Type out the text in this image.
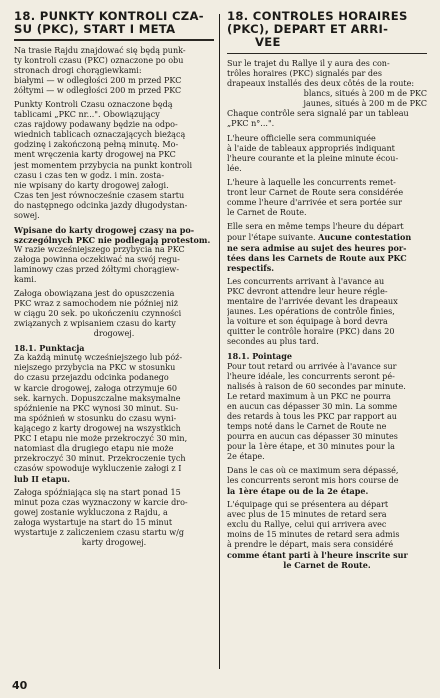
18. PUNKTY KONTROLI CZA-
SU (PKC), START I META

Na trasie Rajdu znajdować się będą punk-
ty kontroli czasu (PKC) oznaczone po obu
stronach drogi chorągiewkami:
białymi — w odległości 200 m przed PKC
żółtymi — w odległości 200 m przed PKC

Punkty Kontroli Czasu oznaczone będą
tablicami „PKC nr...". Obowiązujący
czas rajdowy podawany będzie na odpo-
wiednich tablicach oznaczających bieżącą
godzinę i zakończoną pełną minutę. Mo-
ment wręczenia karty drogowej na PKC
jest momentem przybycia na punkt kontroli
czasu i czas ten w godz. i min. zosta-
nie wpisany do karty drogowej załogi.
Czas ten jest równocześnie czasem startu
do następnego odcinka jazdy długodystan-
sowej.

Wpisane do karty drogowej czasy na po-
szczególnych PKC nie podlegają protestom.
W razie wcześniejszego przybycia na PKC
załoga powinna oczekiwać na swój regu-
laminowy czas przed żółtymi chorągiew-
kami.

Załoga obowiązana jest do opuszczenia
PKC wraz z samochodem nie później niż
w ciągu 20 sek. po ukończeniu czynności
związanych z wpisaniem czasu do karty
drogowej.

18.1. Punktacja

Za każdą minutę wcześniejszego lub póź-
niejszego przybycia na PKC w stosunku
do czasu przejazdu odcinka podanego
w karcie drogowej, załoga otrzymuje 60
sek. karnych. Dopuszczalne maksymalne
spóźnienie na PKC wynosi 30 minut. Su-
ma spóźnień w stosunku do czasu wyni-
kającego z karty drogowej na wszystkich
PKC I etapu nie może przekroczyć 30 min,
natomiast dla drugiego etapu nie może
przekroczyć 30 minut. Przekroczenie tych
czasów spowoduje wykluczenie załogi z I
lub II etapu.

Załoga spóźniająca się na start ponad 15
minut poza czas wyznaczony w karcie dro-
gowej zostanie wykluczona z Rajdu, a
załoga wystartuje na start do 15 minut
wystartuje z zaliczeniem czasu startu w/g
karty drogowej.

18. CONTROLES HORAIRES
(PKC), DEPART ET ARRI-
VEE

Sur le trajet du Rallye il y aura des con-
trôles horaires (PKC) signalés par des
drapeaux installés des deux côtés de la route:
blancs, situés à 200 m de PKC
jaunes, situés à 200 m de PKC
Chaque contrôle sera signalé par un tableau
„PKC n°...".

L'heure officielle sera communiquée
à l'aide de tableaux appropriés indiquant
l'heure courante et la pleine minute écou-
lée.

L'heure à laquelle les concurrents remet-
tront leur Carnet de Route sera considérée
comme l'heure d'arrivée et sera portée sur
le Carnet de Route.

Elle sera en même temps l'heure du départ
pour l'étape suivante. Aucune contestation
ne sera admise au sujet des heures por-
tées dans les Carnets de Route aux PKC
respectifs.

Les concurrents arrivant à l'avance au
PKC devront attendre leur heure régle-
mentaire de l'arrivée devant les drapeaux
jaunes. Les opérations de contrôle finies,
la voiture et son équipage à bord devra
quitter le contrôle horaire (PKC) dans 20
secondes au plus tard.

18.1. Pointage

Pour tout retard ou arrivée à l'avance sur
l'heure idéale, les concurrents seront pé-
nalisés à raison de 60 secondes par minute.
Le retard maximum à un PKC ne pourra
en aucun cas dépasser 30 min. La somme
des retards à tous les PKC par rapport au
temps noté dans le Carnet de Route ne
pourra en aucun cas dépasser 30 minutes
pour la 1ère étape, et 30 minutes pour la
2e étape.

Dans le cas où ce maximum sera dépassé,
les concurrents seront mis hors course de
la 1ère étape ou de la 2e étape.

L'équipage qui se présentera au départ
avec plus de 15 minutes de retard sera
exclu du Rallye, celui qui arrivera avec
moins de 15 minutes de retard sera admis
à prendre le départ, mais sera considéré
comme étant parti à l'heure inscrite sur
le Carnet de Route.

40
